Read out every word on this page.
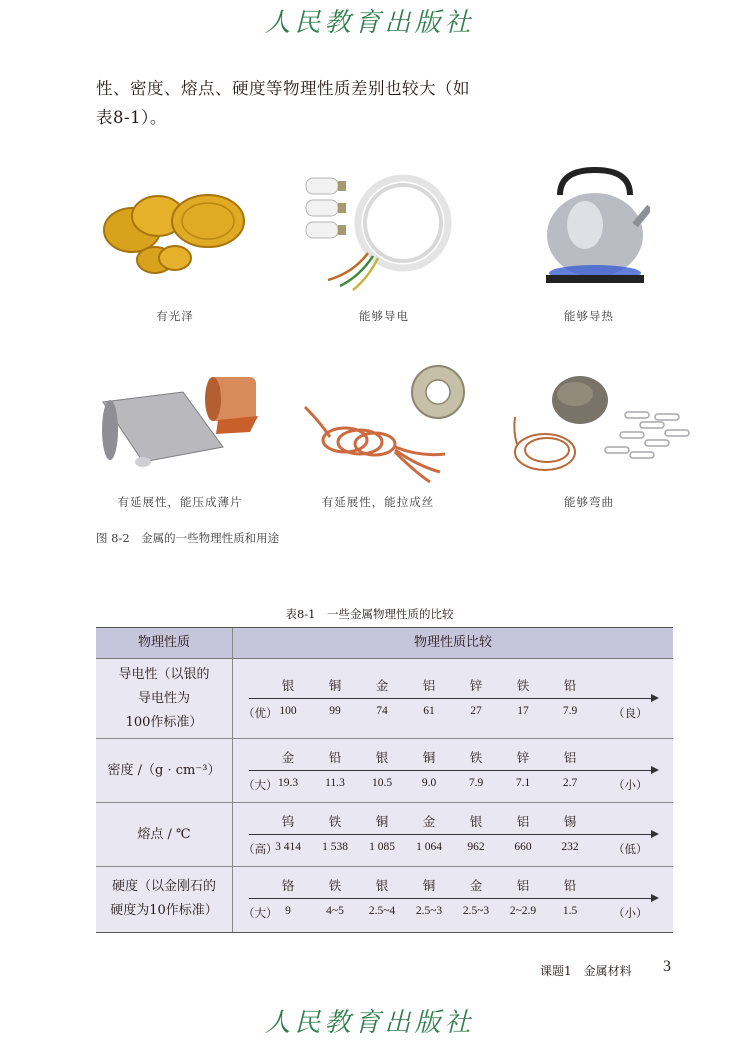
人民教育出版社
性、密度、熔点、硬度等物理性质差别也较大（如
表8-1）。
有光泽	能够导电	能够导热
有延展性，能压成薄片	有延展性，能拉成丝	能够弯曲
图 8-2　金属的一些物理性质和用途
表8-1　一些金属物理性质的比较
物理性质	物理性质比较
导电性（以银的
导电性为
100作标准）
银	铜	金	铝	锌	铁	铅
100	99	74	61	27	17	7.9
（优）	（良）
密度 /（g · cm⁻³）
金	铅	银	铜	铁	锌	铝
19.3	11.3	10.5	9.0	7.9	7.1	2.7
（大）	（小）
熔点 / ℃
钨	铁	铜	金	银	铝	锡
3 414	1 538	1 085	1 064	962	660	232
（高）	（低）
硬度（以金刚石的
硬度为10作标准）
铬	铁	银	铜	金	铝	铅
9	4~5	2.5~4	2.5~3	2.5~3	2~2.9	1.5
（大）	（小）
课题1　金属材料 3
人民教育出版社
